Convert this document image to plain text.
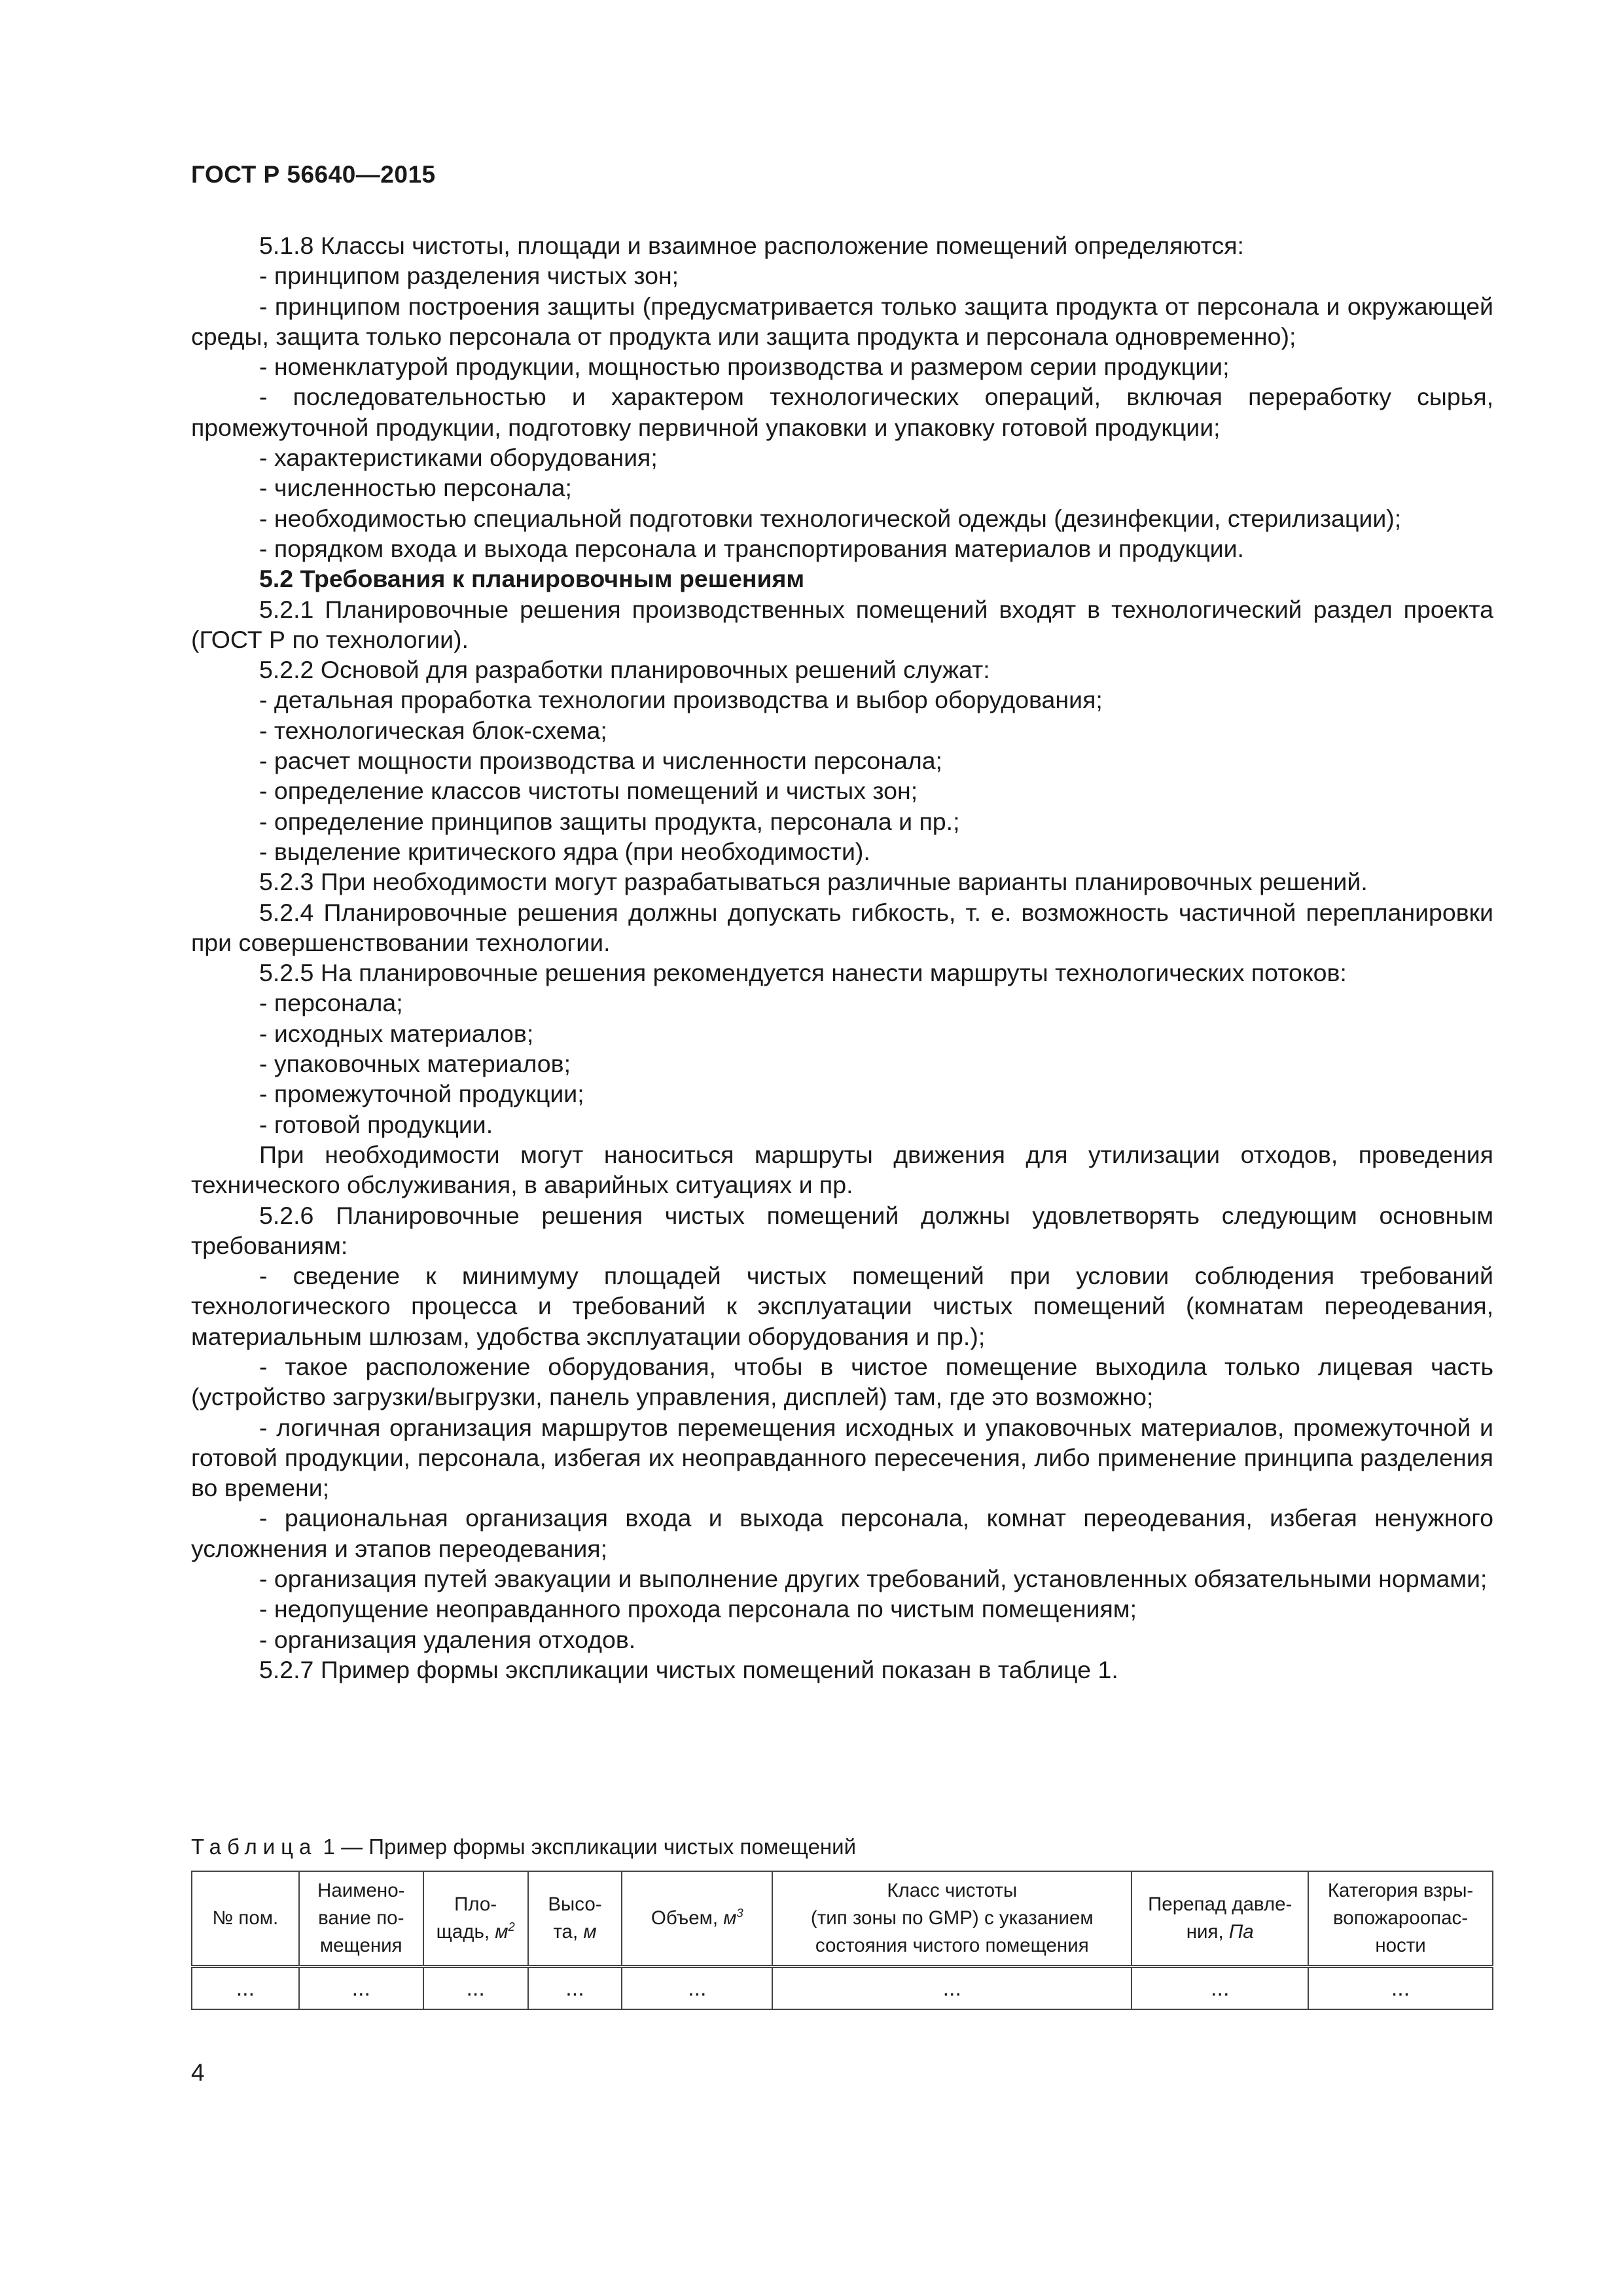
ГОСТ Р 56640—2015

5.1.8 Классы чистоты, площади и взаимное расположение помещений определяются:

- принципом разделения чистых зон;

- принципом построения защиты (предусматривается только защита продукта от персонала и окружающей среды, защита только персонала от продукта или защита продукта и персонала одновременно);

- номенклатурой продукции, мощностью производства и размером серии продукции;

- последовательностью и характером технологических операций, включая переработку сырья, промежуточной продукции, подготовку первичной упаковки и упаковку готовой продукции;

- характеристиками оборудования;

- численностью персонала;

- необходимостью специальной подготовки технологической одежды (дезинфекции, стерилизации);

- порядком входа и выхода персонала и транспортирования материалов и продукции.

5.2 Требования к планировочным решениям

5.2.1 Планировочные решения производственных помещений входят в технологический раздел проекта (ГОСТ Р по технологии).

5.2.2 Основой для разработки планировочных решений служат:

- детальная проработка технологии производства и выбор оборудования;

- технологическая блок-схема;

- расчет мощности производства и численности персонала;

- определение классов чистоты помещений и чистых зон;

- определение принципов защиты продукта, персонала и пр.;

- выделение критического ядра (при необходимости).

5.2.3 При необходимости могут разрабатываться различные варианты планировочных решений.

5.2.4 Планировочные решения должны допускать гибкость, т. е. возможность частичной перепланировки при совершенствовании технологии.

5.2.5 На планировочные решения рекомендуется нанести маршруты технологических потоков:

- персонала;

- исходных материалов;

- упаковочных материалов;

- промежуточной продукции;

- готовой продукции.

При необходимости могут наноситься маршруты движения для утилизации отходов, проведения технического обслуживания, в аварийных ситуациях и пр.

5.2.6 Планировочные решения чистых помещений должны удовлетворять следующим основным требованиям:

- сведение к минимуму площадей чистых помещений при условии соблюдения требований технологического процесса и требований к эксплуатации чистых помещений (комнатам переодевания, материальным шлюзам, удобства эксплуатации оборудования и пр.);

- такое расположение оборудования, чтобы в чистое помещение выходила только лицевая часть (устройство загрузки/выгрузки, панель управления, дисплей) там, где это возможно;

- логичная организация маршрутов перемещения исходных и упаковочных материалов, промежуточной и готовой продукции, персонала, избегая их неоправданного пересечения, либо применение принципа разделения во времени;

- рациональная организация входа и выхода персонала, комнат переодевания, избегая ненужного усложнения и этапов переодевания;

- организация путей эвакуации и выполнение других требований, установленных обязательными нормами;

- недопущение неоправданного прохода персонала по чистым помещениям;

- организация удаления отходов.

5.2.7 Пример формы экспликации чистых помещений показан в таблице 1.

Таблица 1 — Пример формы экспликации чистых помещений
№ пом.	Наимено-
вание по-
мещения	Пло-
щадь, $м^2$	Высо-
та, м	Объем, $м^3$	Класс чистоты
(тип зоны по GMP) с указанием
состояния чистого помещения	Перепад давле-
ния, Па	Категория взры-
вопожароопас-
ности
...	...	...	...	...	...	...	...
4
